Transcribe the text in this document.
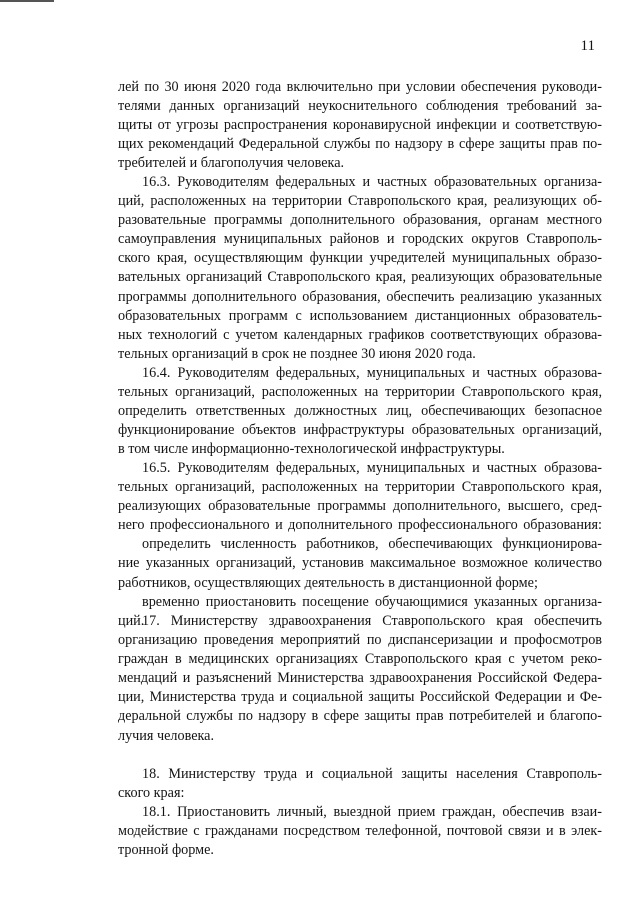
11
лей по 30 июня 2020 года включительно при условии обеспечения руководи-
телями данных организаций неукоснительного соблюдения требований за-
щиты от угрозы распространения коронавирусной инфекции и соответствую-
щих рекомендаций Федеральной службы по надзору в сфере защиты прав по-
требителей и благополучия человека.
16.3. Руководителям федеральных и частных образовательных организа-
ций, расположенных на территории Ставропольского края, реализующих об-
разовательные программы дополнительного образования, органам местного
самоуправления муниципальных районов и городских округов Ставрополь-
ского края, осуществляющим функции учредителей муниципальных образо-
вательных организаций Ставропольского края, реализующих образовательные
программы дополнительного образования, обеспечить реализацию указанных
образовательных программ с использованием дистанционных образователь-
ных технологий с учетом календарных графиков соответствующих образова-
тельных организаций в срок не позднее 30 июня 2020 года.
16.4. Руководителям федеральных, муниципальных и частных образова-
тельных организаций, расположенных на территории Ставропольского края,
определить ответственных должностных лиц, обеспечивающих безопасное
функционирование объектов инфраструктуры образовательных организаций,
в том числе информационно-технологической инфраструктуры.
16.5. Руководителям федеральных, муниципальных и частных образова-
тельных организаций, расположенных на территории Ставропольского края,
реализующих образовательные программы дополнительного, высшего, сред-
него профессионального и дополнительного профессионального образования:
определить численность работников, обеспечивающих функционирова-
ние указанных организаций, установив максимальное возможное количество
работников, осуществляющих деятельность в дистанционной форме;
временно приостановить посещение обучающимися указанных организа-
ций.
17. Министерству здравоохранения Ставропольского края обеспечить
организацию проведения мероприятий по диспансеризации и профосмотров
граждан в медицинских организациях Ставропольского края с учетом реко-
мендаций и разъяснений Министерства здравоохранения Российской Федера-
ции, Министерства труда и социальной защиты Российской Федерации и Фе-
деральной службы по надзору в сфере защиты прав потребителей и благопо-
лучия человека.
18. Министерству труда и социальной защиты населения Ставрополь-
ского края:
18.1. Приостановить личный, выездной прием граждан, обеспечив взаи-
модействие с гражданами посредством телефонной, почтовой связи и в элек-
тронной форме.
